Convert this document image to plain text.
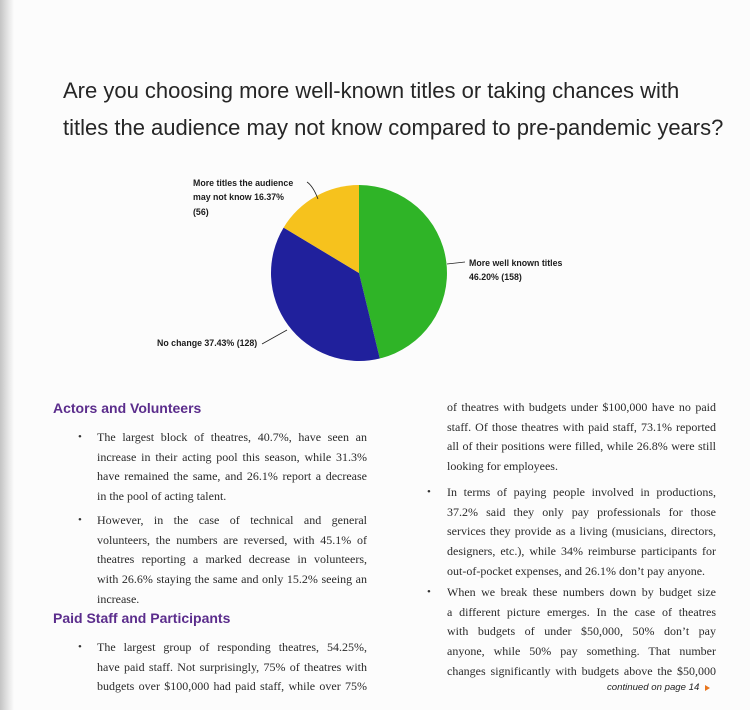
Are you choosing more well-known titles or taking chances with
titles the audience may not know compared to pre-pandemic years?
More titles the audience
may not know 16.37%
(56)
More well known titles
46.20% (158)
No change 37.43% (128)
Actors and Volunteers
• The largest block of theatres, 40.7%, have seen an
increase in their acting pool this season, while 31.3%
have remained the same, and 26.1% report a decrease
in the pool of acting talent.
• However, in the case of technical and general
volunteers, the numbers are reversed, with 45.1% of
theatres reporting a marked decrease in volunteers,
with 26.6% staying the same and only 15.2% seeing an
increase.
Paid Staff and Participants
• The largest group of responding theatres, 54.25%,
have paid staff. Not surprisingly, 75% of theatres with
budgets over $100,000 had paid staff, while over 75%
of theatres with budgets under $100,000 have no paid
staff. Of those theatres with paid staff, 73.1% reported
all of their positions were filled, while 26.8% were still
looking for employees.
• In terms of paying people involved in productions,
37.2% said they only pay professionals for those
services they provide as a living (musicians, directors,
designers, etc.), while 34% reimburse participants for
out-of-pocket expenses, and 26.1% don’t pay anyone.
• When we break these numbers down by budget size
a different picture emerges. In the case of theatres
with budgets of under $50,000, 50% don’t pay
anyone, while 50% pay something. That number
changes significantly with budgets above the $50,000
continued on page 14
